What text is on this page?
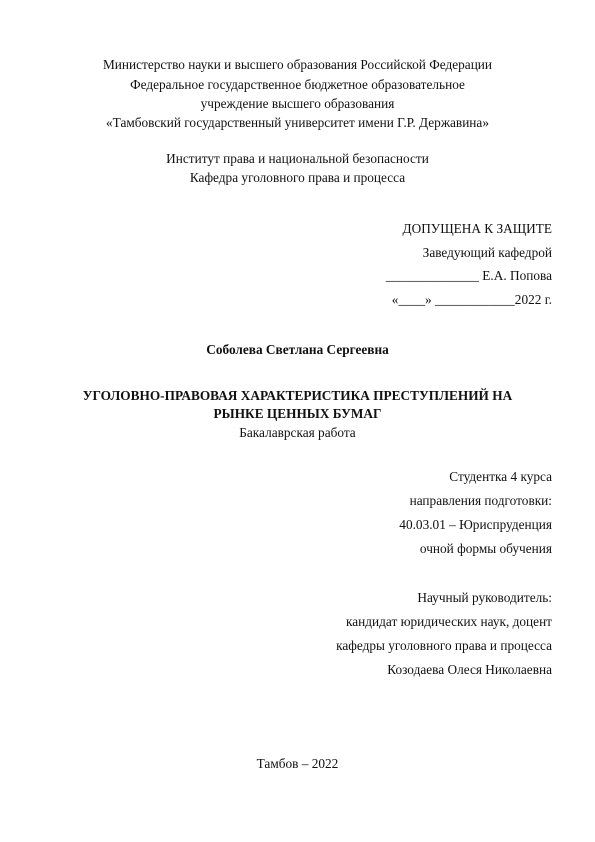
Министерство науки и высшего образования Российской Федерации
Федеральное государственное бюджетное образовательное
учреждение высшего образования
«Тамбовский государственный университет имени Г.Р. Державина»
Институт права и национальной безопасности
Кафедра уголовного права и процесса
ДОПУЩЕНА К ЗАЩИТЕ
Заведующий кафедрой
______________ Е.А. Попова
«____» ____________2022 г.
Соболева Светлана Сергеевна
УГОЛОВНО-ПРАВОВАЯ ХАРАКТЕРИСТИКА ПРЕСТУПЛЕНИЙ НА
РЫНКЕ ЦЕННЫХ БУМАГ
Бакалаврская работа
Студентка 4 курса
направления подготовки:
40.03.01 – Юриспруденция
очной формы обучения
Научный руководитель:
кандидат юридических наук, доцент
кафедры уголовного права и процесса
Козодаева Олеся Николаевна
Тамбов – 2022
